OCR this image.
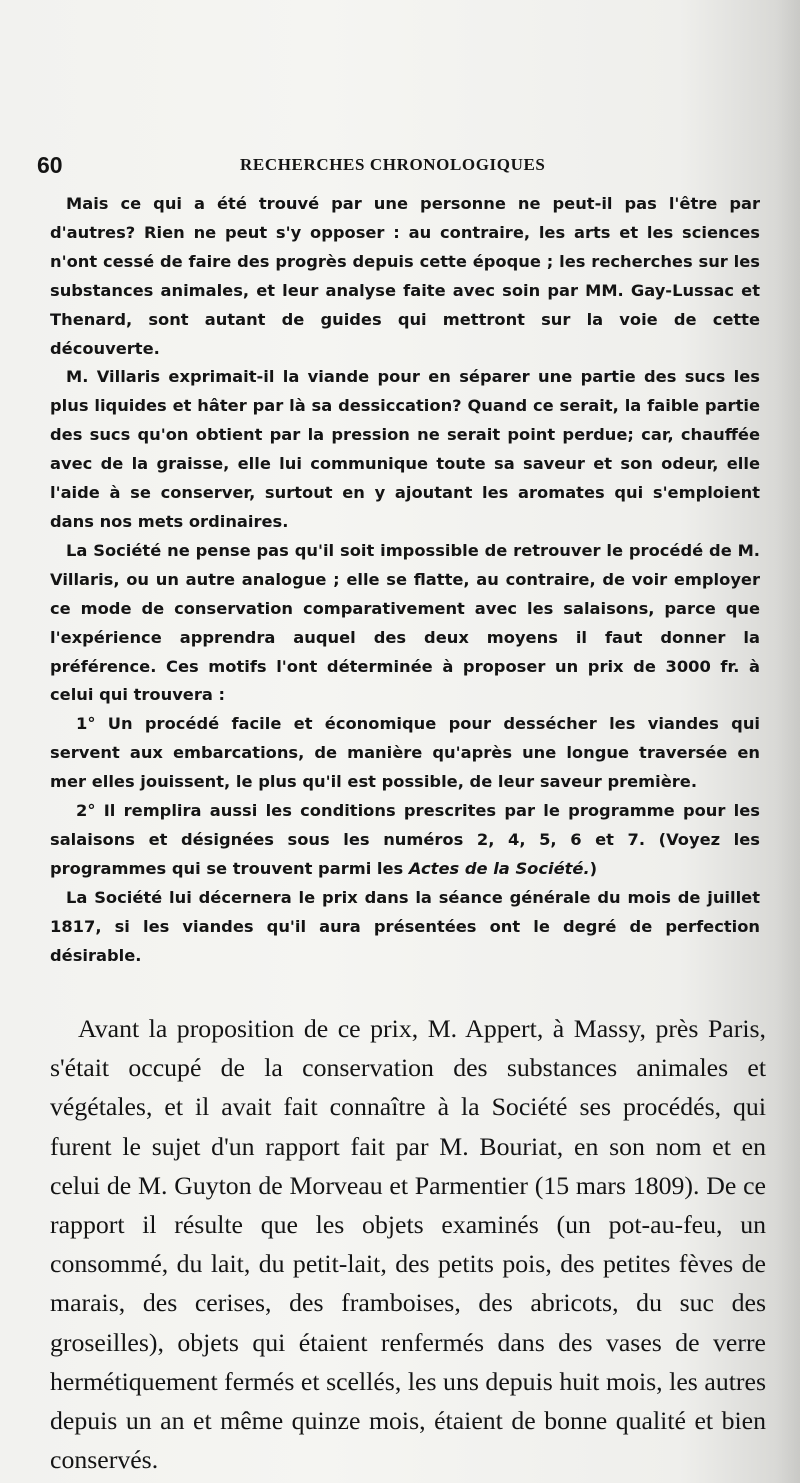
60	RECHERCHES CHRONOLOGIQUES

Mais ce qui a été trouvé par une personne ne peut-il pas l'être par d'autres? Rien ne peut s'y opposer : au contraire, les arts et les sciences n'ont cessé de faire des progrès depuis cette époque ; les recherches sur les substances animales, et leur analyse faite avec soin par MM. Gay-Lussac et Thenard, sont autant de guides qui mettront sur la voie de cette découverte.

M. Villaris exprimait-il la viande pour en séparer une partie des sucs les plus liquides et hâter par là sa dessiccation? Quand ce serait, la faible partie des sucs qu'on obtient par la pression ne serait point perdue; car, chauffée avec de la graisse, elle lui communique toute sa saveur et son odeur, elle l'aide à se conserver, surtout en y ajoutant les aromates qui s'emploient dans nos mets ordinaires.

La Société ne pense pas qu'il soit impossible de retrouver le procédé de M. Villaris, ou un autre analogue ; elle se flatte, au contraire, de voir employer ce mode de conservation comparativement avec les salaisons, parce que l'expérience apprendra auquel des deux moyens il faut donner la préférence. Ces motifs l'ont déterminée à proposer un prix de 3000 fr. à celui qui trouvera :

1° Un procédé facile et économique pour dessécher les viandes qui servent aux embarcations, de manière qu'après une longue traversée en mer elles jouissent, le plus qu'il est possible, de leur saveur première.

2° Il remplira aussi les conditions prescrites par le programme pour les salaisons et désignées sous les numéros 2, 4, 5, 6 et 7. (Voyez les programmes qui se trouvent parmi les Actes de la Société.)

La Société lui décernera le prix dans la séance générale du mois de juillet 1817, si les viandes qu'il aura présentées ont le degré de perfection désirable.

Avant la proposition de ce prix, M. Appert, à Massy, près Paris, s'était occupé de la conservation des substances animales et végétales, et il avait fait connaître à la Société ses procédés, qui furent le sujet d'un rapport fait par M. Bouriat, en son nom et en celui de M. Guyton de Morveau et Parmentier (15 mars 1809). De ce rapport il résulte que les objets examinés (un pot-au-feu, un consommé, du lait, du petit-lait, des petits pois, des petites fèves de marais, des cerises, des framboises, des abricots, du suc des groseilles), objets qui étaient renfermés dans des vases de verre hermétiquement fermés et scellés, les uns depuis huit mois, les autres depuis un an et même quinze mois, étaient de bonne qualité et bien conservés.
